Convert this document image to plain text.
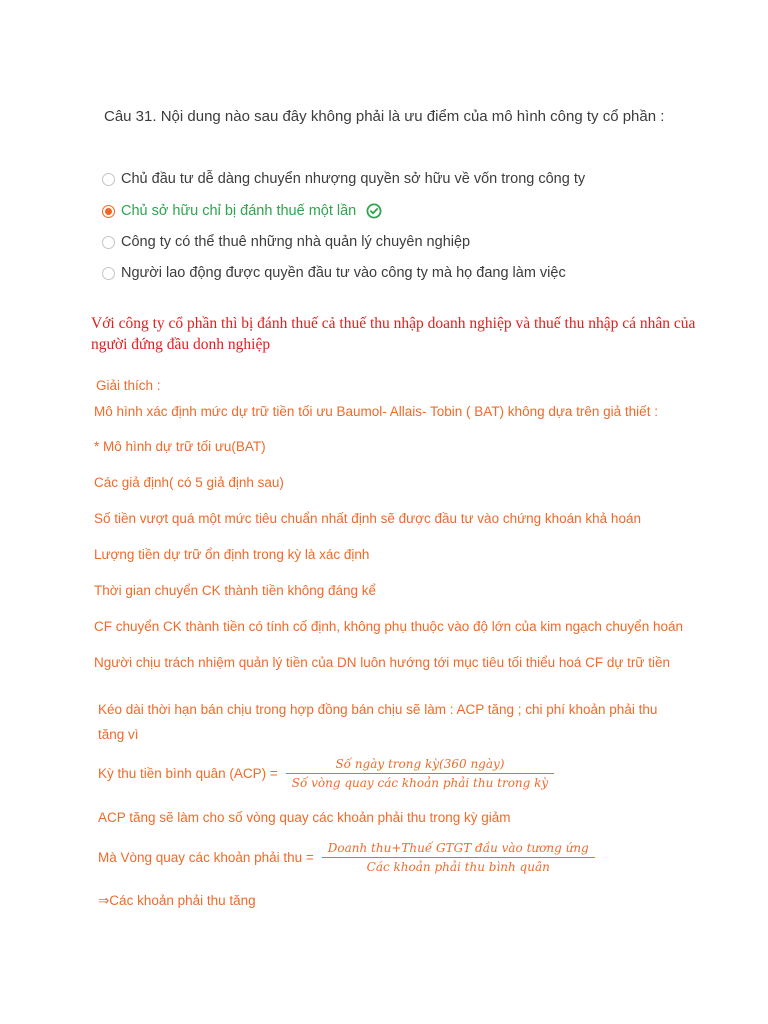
Câu 31. Nội dung nào sau đây không phải là ưu điểm của mô hình công ty cổ phần :
Chủ đầu tư dễ dàng chuyển nhượng quyền sở hữu về vốn trong công ty
Chủ sở hữu chỉ bị đánh thuế một lần
Công ty có thể thuê những nhà quản lý chuyên nghiệp
Người lao động được quyền đầu tư vào công ty mà họ đang làm việc
Với công ty cổ phần thì bị đánh thuế cả thuế thu nhập doanh nghiệp và thuế thu nhập cá nhân của người đứng đầu donh nghiệp
Giải thích :
Mô hình xác định mức dự trữ tiền tối ưu Baumol- Allais- Tobin ( BAT) không dựa trên giả thiết :
* Mô hình dự trữ tối ưu(BAT)
Các giả định( có 5 giả định sau)
Số tiền vượt quá một mức tiêu chuẩn nhất định sẽ được đầu tư vào chứng khoán khả hoán
Lượng tiền dự trữ ổn định trong kỳ là xác định
Thời gian chuyển CK thành tiền không đáng kể
CF chuyển CK thành tiền có tính cố định, không phụ thuộc vào độ lớn của kim ngạch chuyển hoán
Người chịu trách nhiệm quản lý tiền của DN luôn hướng tới mục tiêu tối thiểu hoá CF dự trữ tiền
Kéo dài thời hạn bán chịu trong hợp đồng bán chịu sẽ làm : ACP tăng ; chi phí khoản phải thu tăng vì
Kỳ thu tiền bình quân $(ACP) = \frac{\text{Số ngày trong kỳ(360 ngày)}}{\text{Số vòng quay các khoản phải thu trong kỳ}}$
ACP tăng sẽ làm cho số vòng quay các khoản phải thu trong kỳ giảm
Mà Vòng quay các khoản phải thu = $\frac{\text{Doanh thu+Thuế GTGT đầu vào tương ứng}}{\text{Các khoản phải thu bình quân}}$
⇒Các khoản phải thu tăng
